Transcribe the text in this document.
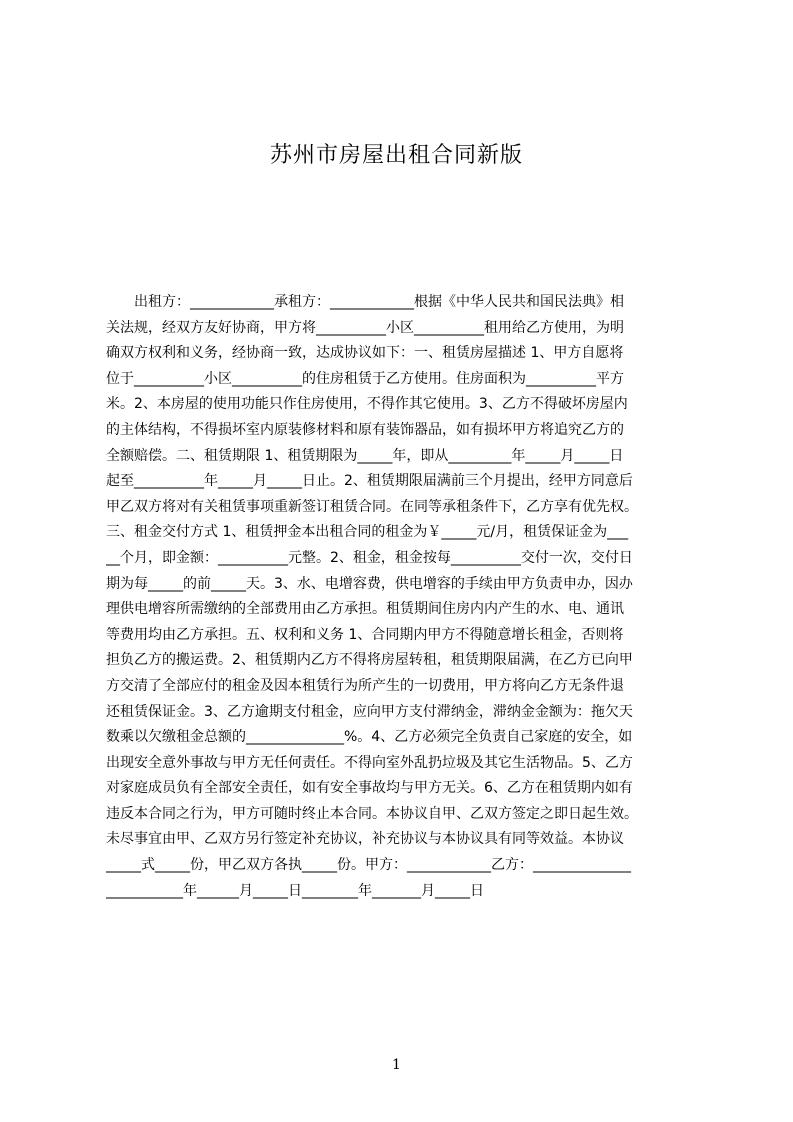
苏州市房屋出租合同新版
　　出租方：____________承租方：____________根据《中华人民共和国民法典》相
关法规，经双方友好协商，甲方将__________小区__________租用给乙方使用，为明
确双方权利和义务，经协商一致，达成协议如下：一、租赁房屋描述 1、甲方自愿将
位于__________小区__________的住房租赁于乙方使用。住房面积为__________平方
米。2、本房屋的使用功能只作住房使用，不得作其它使用。3、乙方不得破坏房屋内
的主体结构，不得损坏室内原装修材料和原有装饰器品，如有损坏甲方将追究乙方的
全额赔偿。二、租赁期限 1、租赁期限为_____年，即从_________年_____月_____日
起至__________年_____月_____日止。2、租赁期限届满前三个月提出，经甲方同意后
甲乙双方将对有关租赁事项重新签订租赁合同。在同等承租条件下，乙方享有优先权。
三、租金交付方式 1、租赁押金本出租合同的租金为￥_____元/月，租赁保证金为___
__个月，即金额：__________元整。2、租金，租金按每__________交付一次，交付日
期为每_____的前_____天。3、水、电增容费，供电增容的手续由甲方负责申办，因办
理供电增容所需缴纳的全部费用由乙方承担。租赁期间住房内内产生的水、电、通讯
等费用均由乙方承担。五、权利和义务 1、合同期内甲方不得随意增长租金，否则将
担负乙方的搬运费。2、租赁期内乙方不得将房屋转租，租赁期限届满，在乙方已向甲
方交清了全部应付的租金及因本租赁行为所产生的一切费用，甲方将向乙方无条件退
还租赁保证金。3、乙方逾期支付租金，应向甲方支付滞纳金，滞纳金金额为：拖欠天
数乘以欠缴租金总额的______________%。4、乙方必须完全负责自己家庭的安全，如
出现安全意外事故与甲方无任何责任。不得向室外乱扔垃圾及其它生活物品。5、乙方
对家庭成员负有全部安全责任，如有安全事故均与甲方无关。6、乙方在租赁期内如有
违反本合同之行为，甲方可随时终止本合同。本协议自甲、乙双方签定之即日起生效。
未尽事宜由甲、乙双方另行签定补充协议，补充协议与本协议具有同等效益。本协议
_____式_____份，甲乙双方各执_____份。甲方：____________乙方：______________
___________年______月_____日________年_______月_____日
1
